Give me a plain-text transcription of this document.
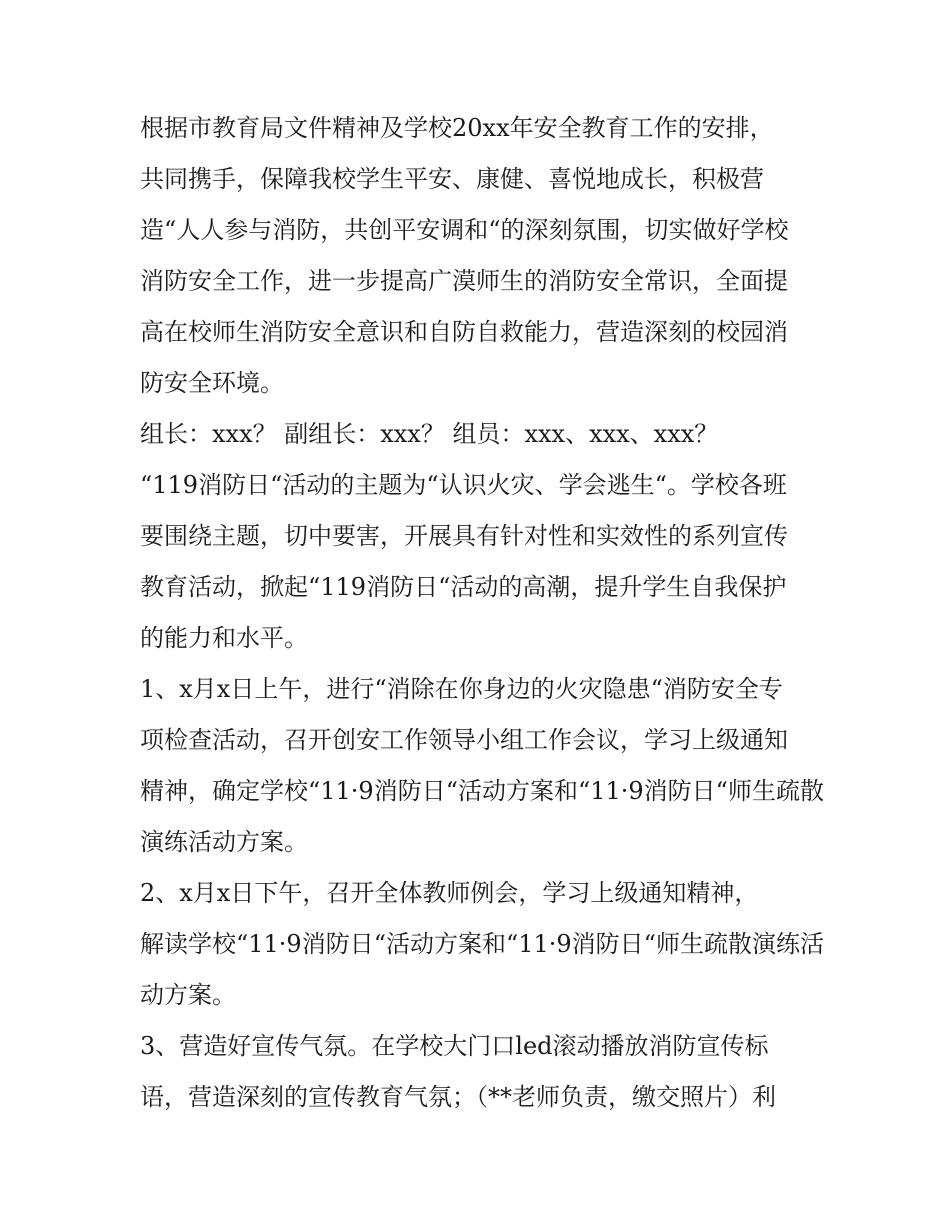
根据市教育局文件精神及学校20xx年安全教育工作的安排，
共同携手，保障我校学生平安、康健、喜悦地成长，积极营
造“人人参与消防，共创平安调和“的深刻氛围，切实做好学校
消防安全工作，进一步提高广漠师生的消防安全常识，全面提
高在校师生消防安全意识和自防自救能力，营造深刻的校园消
防安全环境。

组长：xxx？ 副组长：xxx？ 组员：xxx、xxx、xxx？

“119消防日“活动的主题为“认识火灾、学会逃生“。学校各班
要围绕主题，切中要害，开展具有针对性和实效性的系列宣传
教育活动，掀起“119消防日“活动的高潮，提升学生自我保护
的能力和水平。

1、x月x日上午，进行“消除在你身边的火灾隐患“消防安全专
项检查活动，召开创安工作领导小组工作会议，学习上级通知
精神，确定学校“11·9消防日“活动方案和“11·9消防日“师生疏散
演练活动方案。

2、x月x日下午，召开全体教师例会，学习上级通知精神，
解读学校“11·9消防日“活动方案和“11·9消防日“师生疏散演练活
动方案。

3、营造好宣传气氛。在学校大门口led滚动播放消防宣传标
语，营造深刻的宣传教育气氛；（**老师负责，缴交照片）利
